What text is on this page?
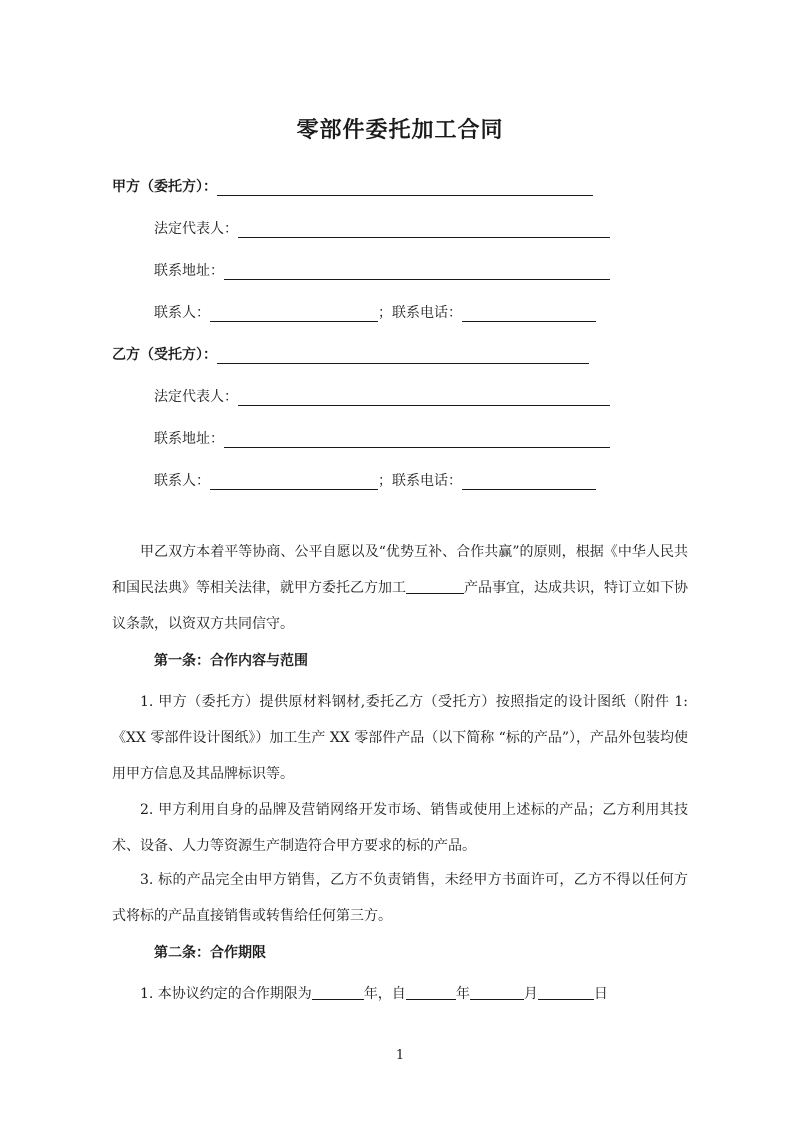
零部件委托加工合同
甲方（委托方）：
法定代表人：
联系地址：
联系人：	；联系电话：
乙方（受托方）：
法定代表人：
联系地址：
联系人：	；联系电话：

甲乙双方本着平等协商、公平自愿以及“优势互补、合作共赢”的原则，根据《中华人民共和国民法典》等相关法律，就甲方委托乙方加工	产品事宜，达成共识，特订立如下协议条款，以资双方共同信守。

第一条：合作内容与范围

1. 甲方（委托方）提供原材料钢材,委托乙方（受托方）按照指定的设计图纸（附件 1:《XX 零部件设计图纸》）加工生产 XX 零部件产品（以下简称 “标的产品”），产品外包装均使用甲方信息及其品牌标识等。

2. 甲方利用自身的品牌及营销网络开发市场、销售或使用上述标的产品；乙方利用其技术、设备、人力等资源生产制造符合甲方要求的标的产品。

3. 标的产品完全由甲方销售，乙方不负责销售，未经甲方书面许可，乙方不得以任何方式将标的产品直接销售或转售给任何第三方。

第二条：合作期限

1. 本协议约定的合作期限为	年，自	年	月	日

1
